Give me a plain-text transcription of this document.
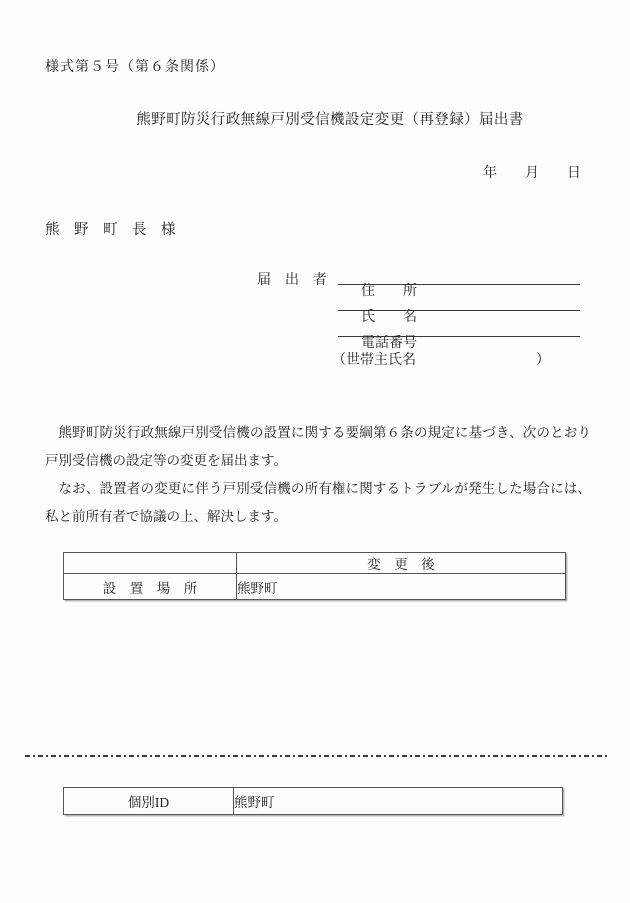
様式第５号（第６条関係）
熊野町防災行政無線戸別受信機設定変更（再登録）届出書
年　　月　　日
熊　野　町　長　様
届　出　者

住　　所

氏　　名

電話番号

（世帯主氏名	）

熊野町防災行政無線戸別受信機の設置に関する要綱第６条の規定に基づき、次のとおり戸別受信機の設定等の変更を届出ます。

なお、設置者の変更に伴う戸別受信機の所有権に関するトラブルが発生した場合には、私と前所有者で協議の上、解決します。

	変　更　後
設　置　場　所	熊野町
個別ID	熊野町
